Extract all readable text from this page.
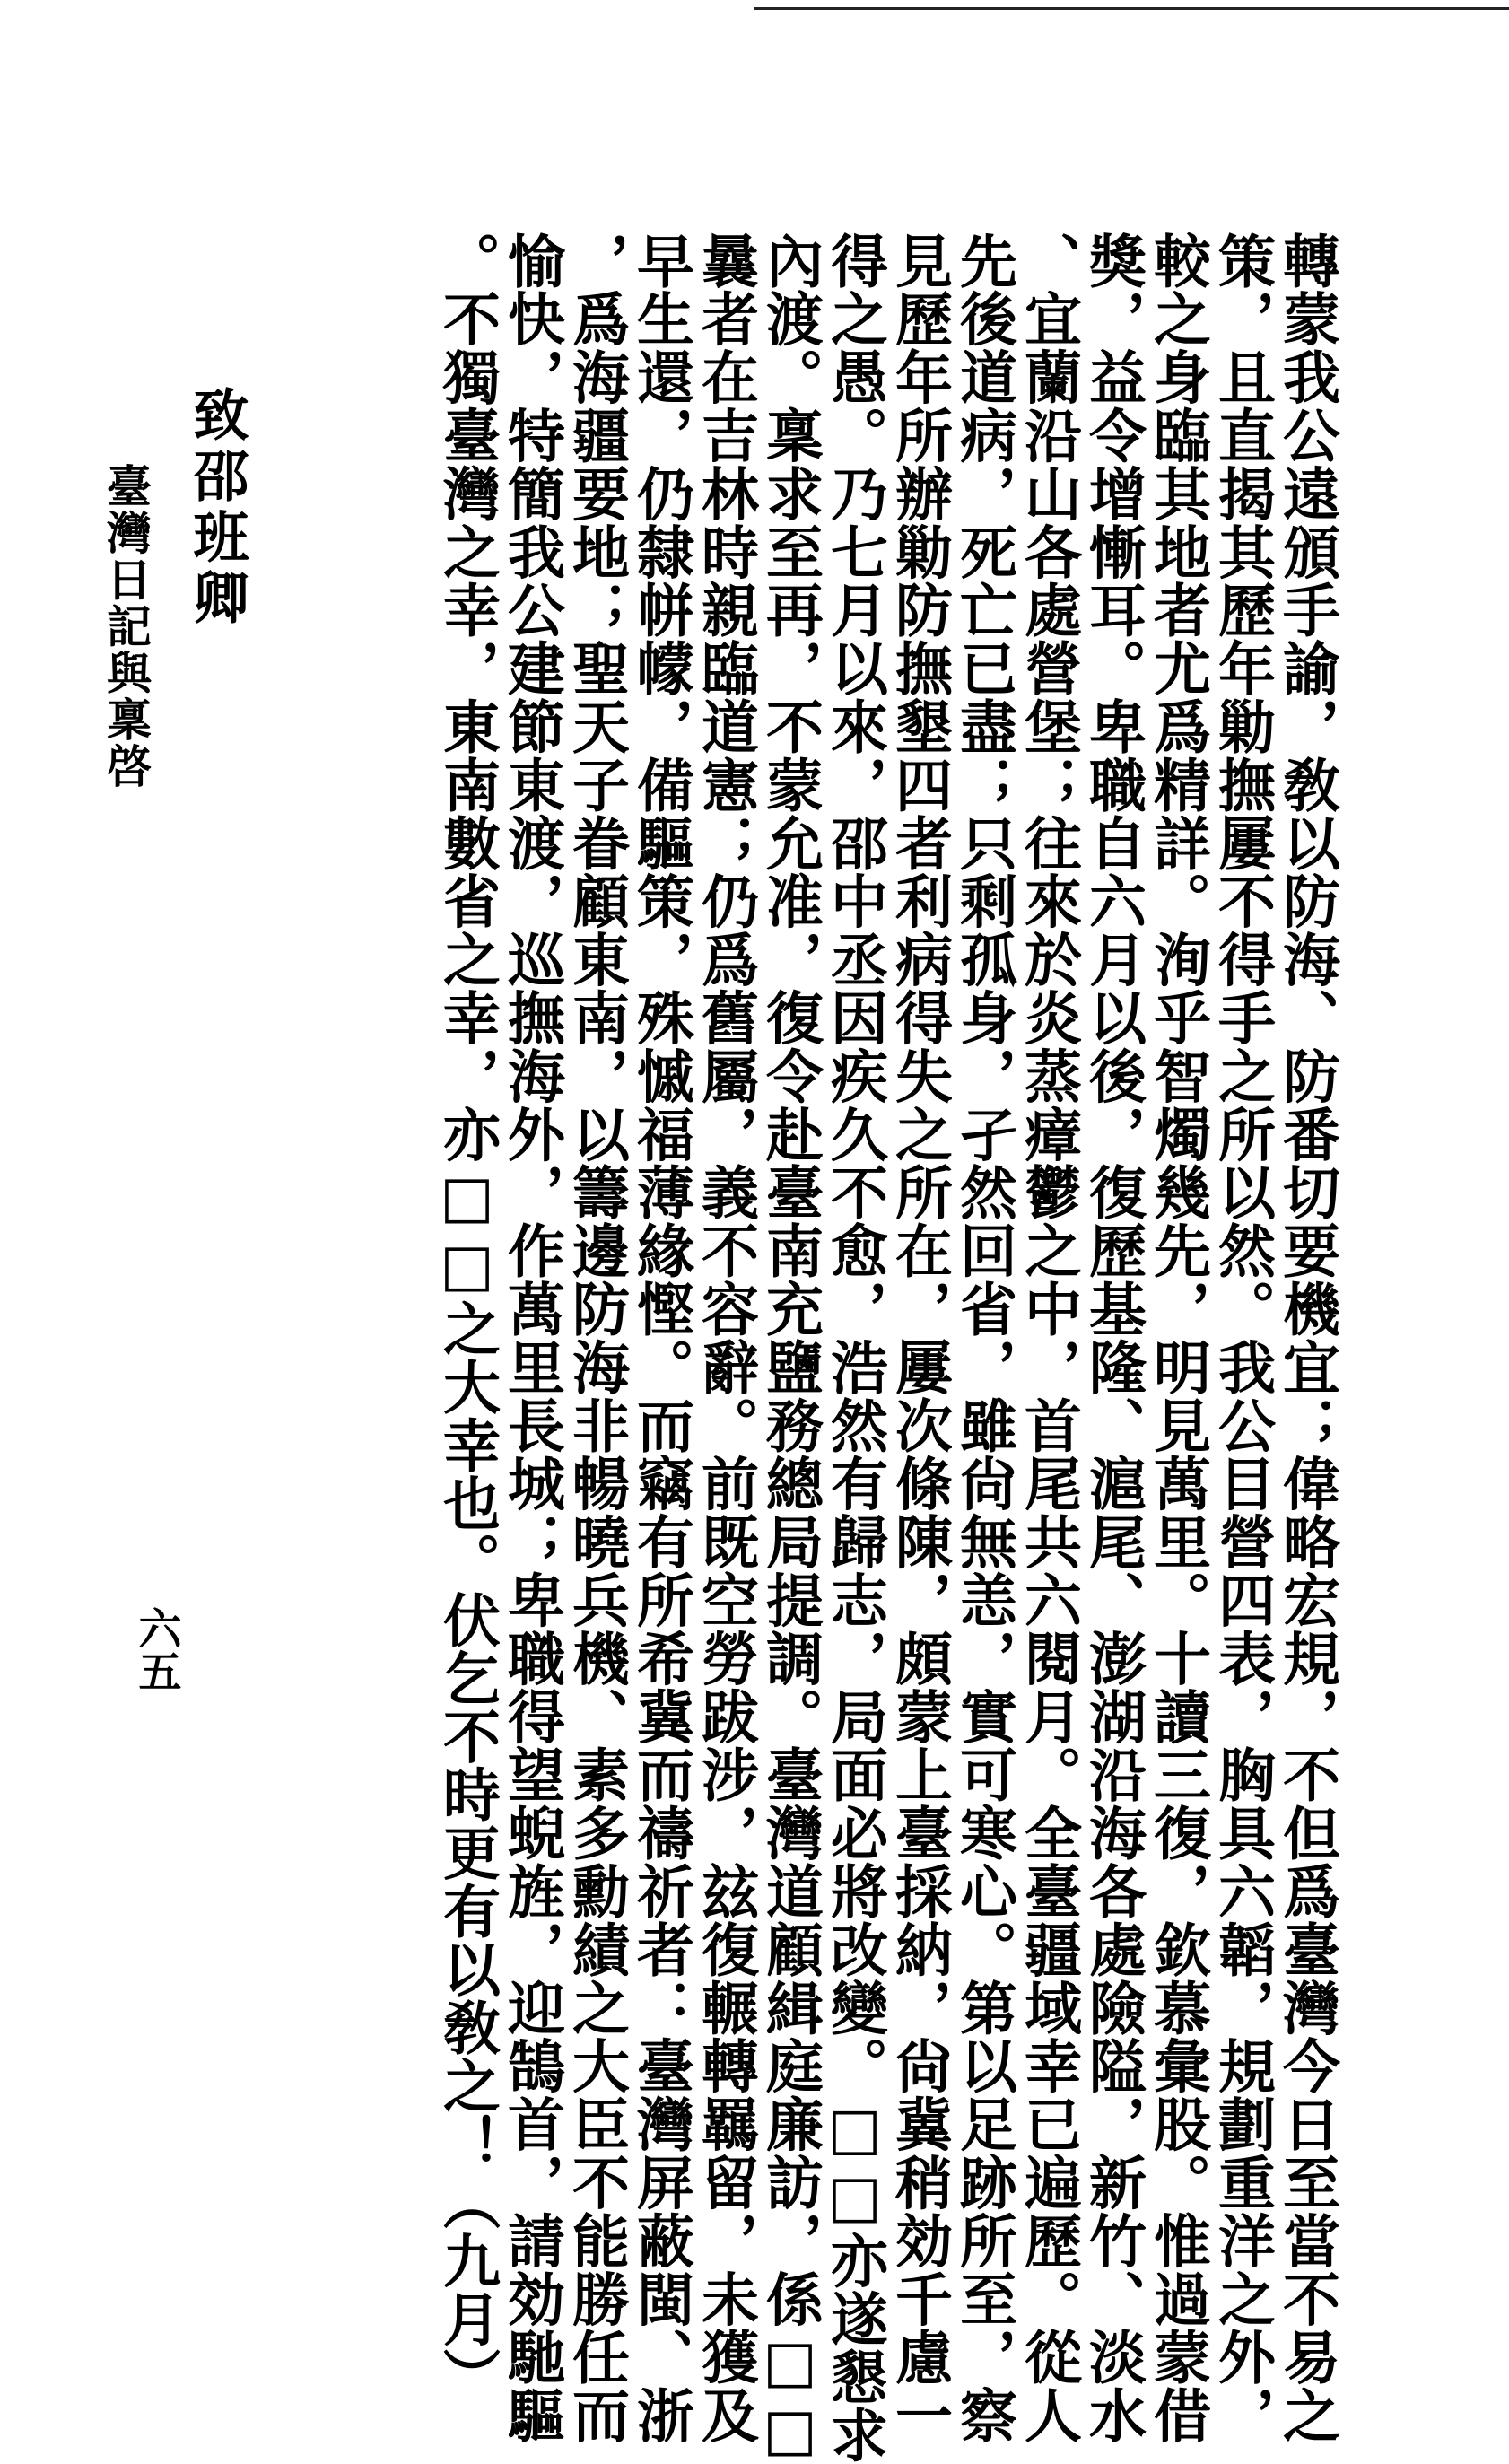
轉蒙我公遠頒手諭，敎以防海、防番切要機宜；偉略宏規，不但爲臺灣今日至當不易之
策，且直揭其歷年勦撫屢不得手之所以然。我公目營四表，胸具六韜，規劃重洋之外，
較之身臨其地者尤爲精詳。洵乎智燭幾先，明見萬里。十讀三復，欽慕彙股。惟過蒙借
獎，益令增慚耳。卑職自六月以後，復歷基隆、滬尾、澎湖沿海各處險隘，新竹、淡水
、宜蘭沿山各處營堡；往來於炎蒸瘴鬱之中，首尾共六閱月。全臺疆域幸已遍歷。從人
先後道病，死亡已盡；只剩孤身，孑然回省，雖尙無恙，實可寒心。第以足跡所至，察
見歷年所辦勦防撫墾四者利病得失之所在，屢次條陳，頗蒙上臺採納，尙冀稍効千慮一
得之愚。乃七月以來，邵中丞因疾久不愈，浩然有歸志，局面必將改變。□□亦遂懇求
內渡。稟求至再，不蒙允准，復令赴臺南充鹽務總局提調。臺灣道顧緝庭廉訪，係□□
曩者在吉林時親臨道憲；仍爲舊屬，義不容辭。前既空勞跋涉，玆復輾轉羈留，未獲及
早生還，仍隸帡幪，備驅策，殊慽福薄緣慳。而竊有所希冀而禱祈者：臺灣屏蔽閩、浙
，爲海疆要地；聖天子眷顧東南，以籌邊防海非暢曉兵機、素多勳績之大臣不能勝任而
愉快，特簡我公建節東渡，巡撫海外，作萬里長城；卑職得望蜺旌，迎鵠首，請効馳驅
。不獨臺灣之幸，東南數省之幸，亦□□之大幸也。伏乞不時更有以敎之！（九月）
致邵班卿
臺灣日記與稟啓
六五
